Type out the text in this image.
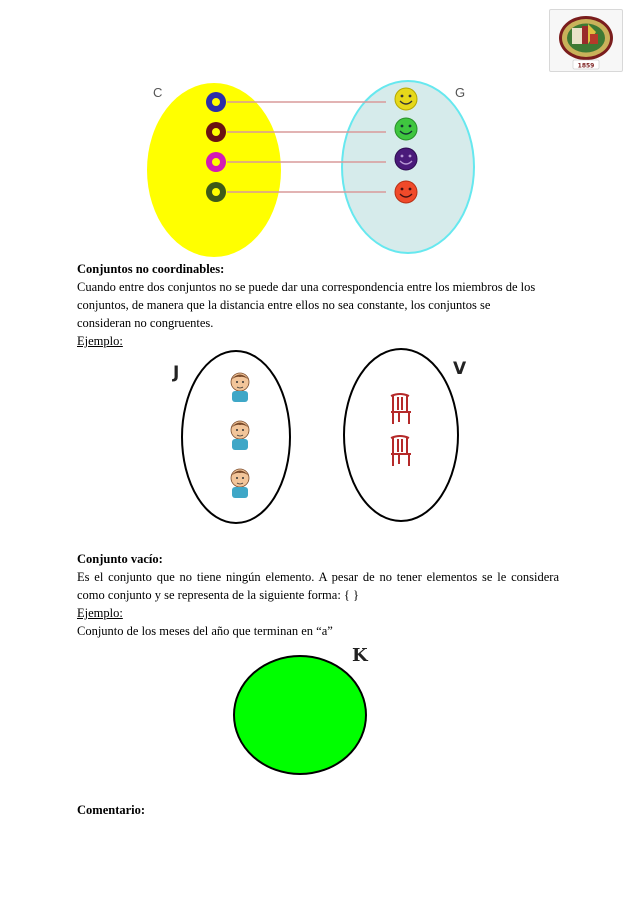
1859
C	G
Conjuntos no coordinables:
Cuando entre dos conjuntos no se puede dar una correspondencia entre los miembros de los
conjuntos, de manera que la distancia entre ellos no sea constante, los conjuntos se
consideran no congruentes.
Ejemplo:
J	V
Conjunto vacío:
Es el conjunto que no tiene ningún elemento. A pesar de no tener elementos se le considera
como conjunto y se representa de la siguiente forma: { }
Ejemplo:
Conjunto de los meses del año que terminan en “a”
K
Comentario:
